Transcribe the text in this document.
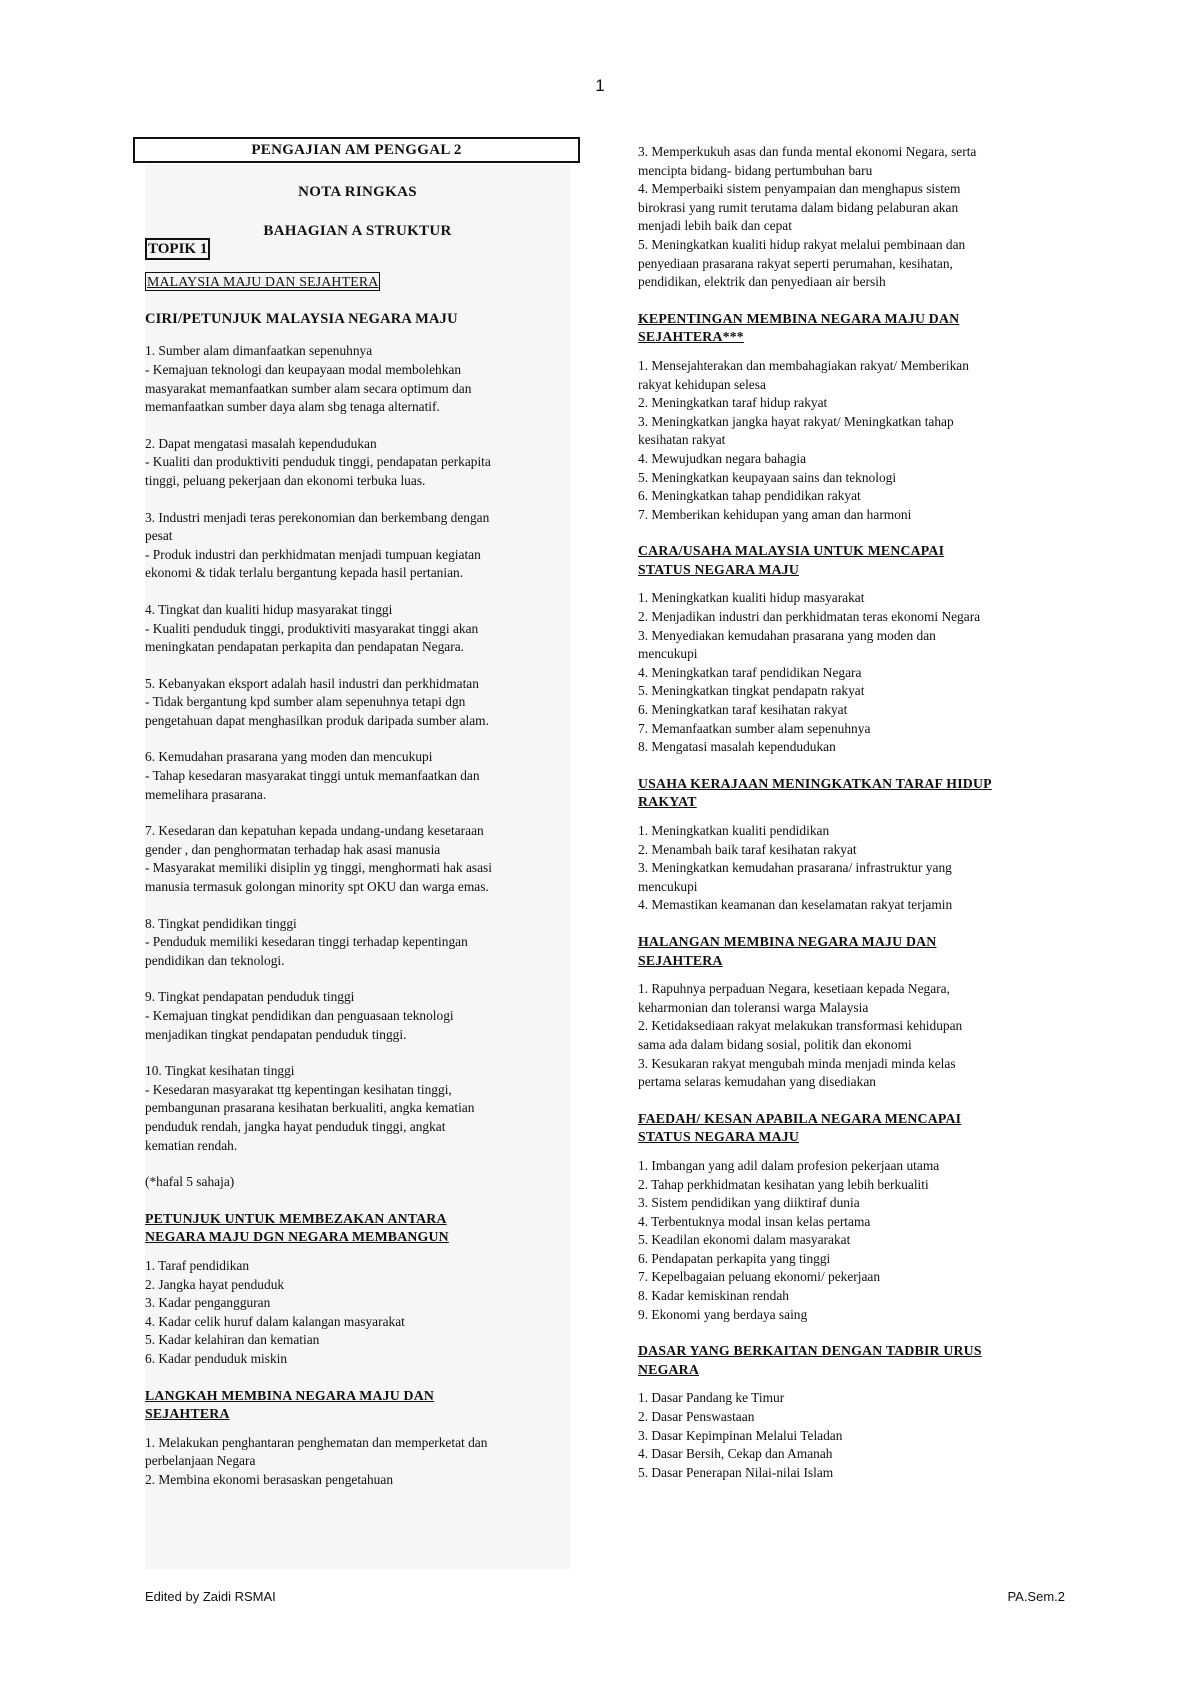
1
PENGAJIAN AM PENGGAL 2
NOTA RINGKAS
BAHAGIAN A STRUKTUR
TOPIK 1
MALAYSIA MAJU DAN SEJAHTERA
CIRI/PETUNJUK MALAYSIA NEGARA MAJU
1. Sumber alam dimanfaatkan sepenuhnya
- Kemajuan teknologi dan keupayaan modal membolehkan
masyarakat memanfaatkan sumber alam secara optimum dan
memanfaatkan sumber daya alam sbg tenaga alternatif.
2. Dapat mengatasi masalah kependudukan
- Kualiti dan produktiviti penduduk tinggi, pendapatan perkapita
tinggi, peluang pekerjaan dan ekonomi terbuka luas.
3. Industri menjadi teras perekonomian dan berkembang dengan
pesat
- Produk industri dan perkhidmatan menjadi tumpuan kegiatan
ekonomi & tidak terlalu bergantung kepada hasil pertanian.
4. Tingkat dan kualiti hidup masyarakat tinggi
- Kualiti penduduk tinggi, produktiviti masyarakat tinggi akan
meningkatan pendapatan perkapita dan pendapatan Negara.
5. Kebanyakan eksport adalah hasil industri dan perkhidmatan
- Tidak bergantung kpd sumber alam sepenuhnya tetapi dgn
pengetahuan dapat menghasilkan produk daripada sumber alam.
6. Kemudahan prasarana yang moden dan mencukupi
- Tahap kesedaran masyarakat tinggi untuk memanfaatkan dan
memelihara prasarana.
7. Kesedaran dan kepatuhan kepada undang-undang kesetaraan
gender , dan penghormatan terhadap hak asasi manusia
- Masyarakat memiliki disiplin yg tinggi, menghormati hak asasi
manusia termasuk golongan minority spt OKU dan warga emas.
8. Tingkat pendidikan tinggi
- Penduduk memiliki kesedaran tinggi terhadap kepentingan
pendidikan dan teknologi.
9. Tingkat pendapatan penduduk tinggi
- Kemajuan tingkat pendidikan dan penguasaan teknologi
menjadikan tingkat pendapatan penduduk tinggi.
10. Tingkat kesihatan tinggi
- Kesedaran masyarakat ttg kepentingan kesihatan tinggi,
pembangunan prasarana kesihatan berkualiti, angka kematian
penduduk rendah, jangka hayat penduduk tinggi, angkat
kematian rendah.
(*hafal 5 sahaja)
PETUNJUK UNTUK MEMBEZAKAN ANTARA
NEGARA MAJU DGN NEGARA MEMBANGUN
1. Taraf pendidikan
2. Jangka hayat penduduk
3. Kadar pengangguran
4. Kadar celik huruf dalam kalangan masyarakat
5. Kadar kelahiran dan kematian
6. Kadar penduduk miskin
LANGKAH MEMBINA NEGARA MAJU DAN
SEJAHTERA
1. Melakukan penghantaran penghematan dan memperketat dan
perbelanjaan Negara
2. Membina ekonomi berasaskan pengetahuan
3. Memperkukuh asas dan funda mental ekonomi Negara, serta
mencipta bidang- bidang pertumbuhan baru
4. Memperbaiki sistem penyampaian dan menghapus sistem
birokrasi yang rumit terutama dalam bidang pelaburan akan
menjadi lebih baik dan cepat
5. Meningkatkan kualiti hidup rakyat melalui pembinaan dan
penyediaan prasarana rakyat seperti perumahan, kesihatan,
pendidikan, elektrik dan penyediaan air bersih
KEPENTINGAN MEMBINA NEGARA MAJU DAN
SEJAHTERA***
1. Mensejahterakan dan membahagiakan rakyat/ Memberikan
rakyat kehidupan selesa
2. Meningkatkan taraf hidup rakyat
3. Meningkatkan jangka hayat rakyat/ Meningkatkan tahap
kesihatan rakyat
4. Mewujudkan negara bahagia
5. Meningkatkan keupayaan sains dan teknologi
6. Meningkatkan tahap pendidikan rakyat
7. Memberikan kehidupan yang aman dan harmoni
CARA/USAHA MALAYSIA UNTUK MENCAPAI
STATUS NEGARA MAJU
1. Meningkatkan kualiti hidup masyarakat
2. Menjadikan industri dan perkhidmatan teras ekonomi Negara
3. Menyediakan kemudahan prasarana yang moden dan
mencukupi
4. Meningkatkan taraf pendidikan Negara
5. Meningkatkan tingkat pendapatn rakyat
6. Meningkatkan taraf kesihatan rakyat
7. Memanfaatkan sumber alam sepenuhnya
8. Mengatasi masalah kependudukan
USAHA KERAJAAN MENINGKATKAN TARAF HIDUP
RAKYAT
1. Meningkatkan kualiti pendidikan
2. Menambah baik taraf kesihatan rakyat
3. Meningkatkan kemudahan prasarana/ infrastruktur yang
mencukupi
4. Memastikan keamanan dan keselamatan rakyat terjamin
HALANGAN MEMBINA NEGARA MAJU DAN
SEJAHTERA
1. Rapuhnya perpaduan Negara, kesetiaan kepada Negara,
keharmonian dan toleransi warga Malaysia
2. Ketidaksediaan rakyat melakukan transformasi kehidupan
sama ada dalam bidang sosial, politik dan ekonomi
3. Kesukaran rakyat mengubah minda menjadi minda kelas
pertama selaras kemudahan yang disediakan
FAEDAH/ KESAN APABILA NEGARA MENCAPAI
STATUS NEGARA MAJU
1. Imbangan yang adil dalam profesion pekerjaan utama
2. Tahap perkhidmatan kesihatan yang lebih berkualiti
3. Sistem pendidikan yang diiktiraf dunia
4. Terbentuknya modal insan kelas pertama
5. Keadilan ekonomi dalam masyarakat
6. Pendapatan perkapita yang tinggi
7. Kepelbagaian peluang ekonomi/ pekerjaan
8. Kadar kemiskinan rendah
9. Ekonomi yang berdaya saing
DASAR YANG BERKAITAN DENGAN TADBIR URUS
NEGARA
1. Dasar Pandang ke Timur
2. Dasar Penswastaan
3. Dasar Kepimpinan Melalui Teladan
4. Dasar Bersih, Cekap dan Amanah
5. Dasar Penerapan Nilai-nilai Islam
Edited by Zaidi RSMAI	PA.Sem.2
